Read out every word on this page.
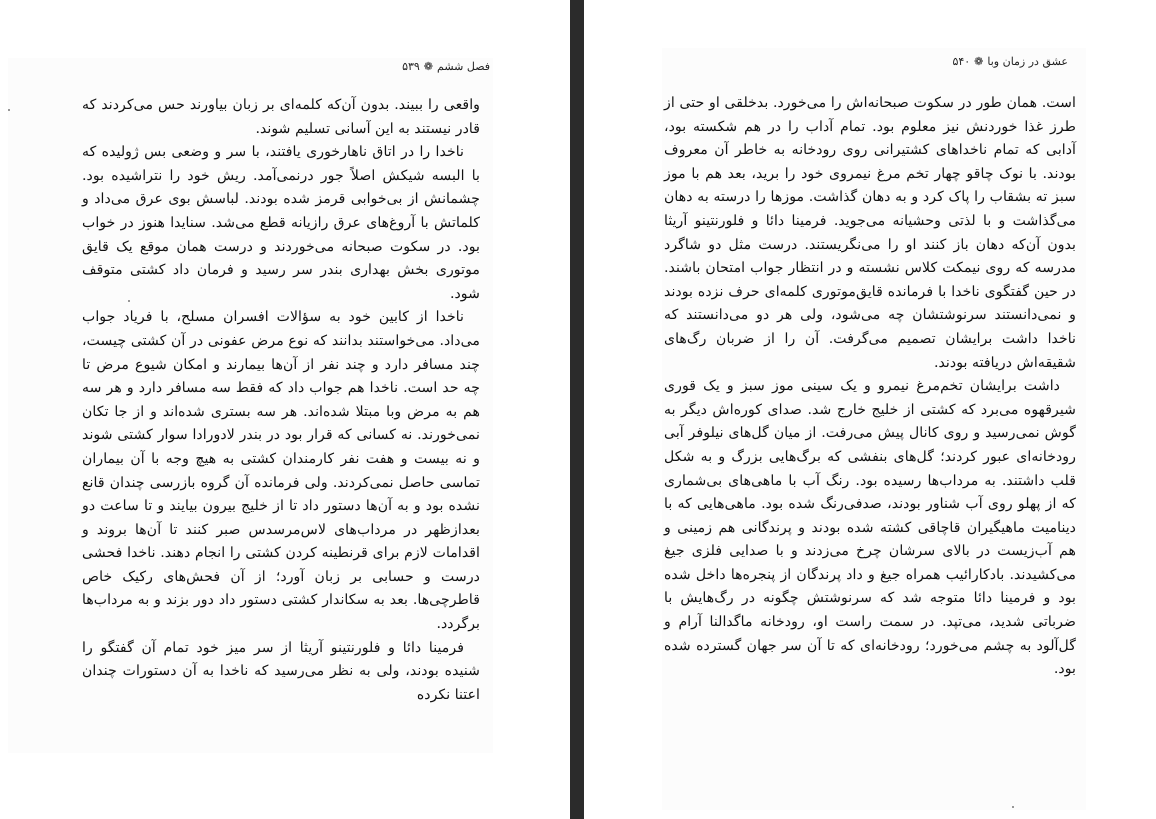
فصل ششم
❁
۵۳۹

واقعی را ببیند. بدون آن‌که کلمه‌ای بر زبان بیاورند حس می‌کردند که قادر نیستند به این آسانی تسلیم شوند.

ناخدا را در اتاق ناهارخوری یافتند، با سر و وضعی بس ژولیده که با البسه شیکش اصلاً جور درنمی‌آمد. ریش خود را نتراشیده بود. چشمانش از بی‌خوابی قرمز شده بودند. لباسش بوی عرق می‌داد و کلماتش با آروغ‌های عرق رازیانه قطع می‌شد. سنایدا هنوز در خواب بود. در سکوت صبحانه می‌خوردند و درست همان موقع یک قایق موتوری بخش بهداری بندر سر رسید و فرمان داد کشتی متوقف شود.

ناخدا از کابین خود به سؤالات افسران مسلح، با فریاد جواب می‌داد. می‌خواستند بدانند که نوع مرض عفونی در آن کشتی چیست، چند مسافر دارد و چند نفر از آن‌ها بیمارند و امکان شیوع مرض تا چه حد است. ناخدا هم جواب داد که فقط سه مسافر دارد و هر سه هم به مرض وبا مبتلا شده‌اند. هر سه بستری شده‌اند و از جا تکان نمی‌خورند. نه کسانی که قرار بود در بندر لادورادا سوار کشتی شوند و نه بیست و هفت نفر کارمندان کشتی به هیچ وجه با آن بیماران تماسی حاصل نمی‌کردند. ولی فرمانده آن گروه بازرسی چندان قانع نشده بود و به آن‌ها دستور داد تا از خلیج بیرون بیایند و تا ساعت دو بعدازظهر در مرداب‌های لاس‌مرسدس صبر کنند تا آن‌ها بروند و اقدامات لازم برای قرنطینه کردن کشتی را انجام دهند. ناخدا فحشی درست و حسابی بر زبان آورد؛ از آن فحش‌های رکیک خاص قاطرچی‌ها. بعد به سکاندار کشتی دستور داد دور بزند و به مرداب‌ها برگردد.

فرمینا دائا و فلورنتینو آریثا از سر میز خود تمام آن گفتگو را شنیده بودند، ولی به نظر می‌رسید که ناخدا به آن دستورات چندان اعتنا نکرده

عشق در زمان وبا
❁
۵۴۰

است. همان طور در سکوت صبحانه‌اش را می‌خورد. بدخلقی او حتی از طرز غذا خوردنش نیز معلوم بود. تمام آداب را در هم شکسته بود، آدابی که تمام ناخداهای کشتیرانی روی رودخانه به خاطر آن معروف بودند. با نوک چاقو چهار تخم مرغ نیمروی خود را برید، بعد هم با موز سبز ته بشقاب را پاک کرد و به دهان گذاشت. موزها را درسته به دهان می‌گذاشت و با لذتی وحشیانه می‌جوید. فرمینا دائا و فلورنتینو آریثا بدون آن‌که دهان باز کنند او را می‌نگریستند. درست مثل دو شاگرد مدرسه که روی نیمکت کلاس نشسته و در انتظار جواب امتحان باشند. در حین گفتگوی ناخدا با فرمانده قایق‌موتوری کلمه‌ای حرف نزده بودند و نمی‌دانستند سرنوشتشان چه می‌شود، ولی هر دو می‌دانستند که ناخدا داشت برایشان تصمیم می‌گرفت. آن را از ضربان رگ‌های شقیقه‌اش دریافته بودند.

داشت برایشان تخم‌مرغ نیمرو و یک سینی موز سبز و یک قوری شیرقهوه می‌برد که کشتی از خلیج خارج شد. صدای کوره‌اش دیگر به گوش نمی‌رسید و روی کانال پیش می‌رفت. از میان گل‌های نیلوفر آبی رودخانه‌ای عبور کردند؛ گل‌های بنفشی که برگ‌هایی بزرگ و به شکل قلب داشتند. به مرداب‌ها رسیده بود. رنگ آب با ماهی‌های بی‌شماری که از پهلو روی آب شناور بودند، صدفی‌رنگ شده بود. ماهی‌هایی که با دینامیت ماهیگیران قاچاقی کشته شده بودند و پرندگانی هم زمینی و هم آب‌زیست در بالای سرشان چرخ می‌زدند و با صدایی فلزی جیغ می‌کشیدند. بادکارائیب همراه جیغ و داد پرندگان از پنجره‌ها داخل شده بود و فرمینا دائا متوجه شد که سرنوشتش چگونه در رگ‌هایش با ضرباتی شدید، می‌تپد. در سمت راست او، رودخانه ماگدالنا آرام و گل‌آلود به چشم می‌خورد؛ رودخانه‌ای که تا آن سر جهان گسترده شده بود.
